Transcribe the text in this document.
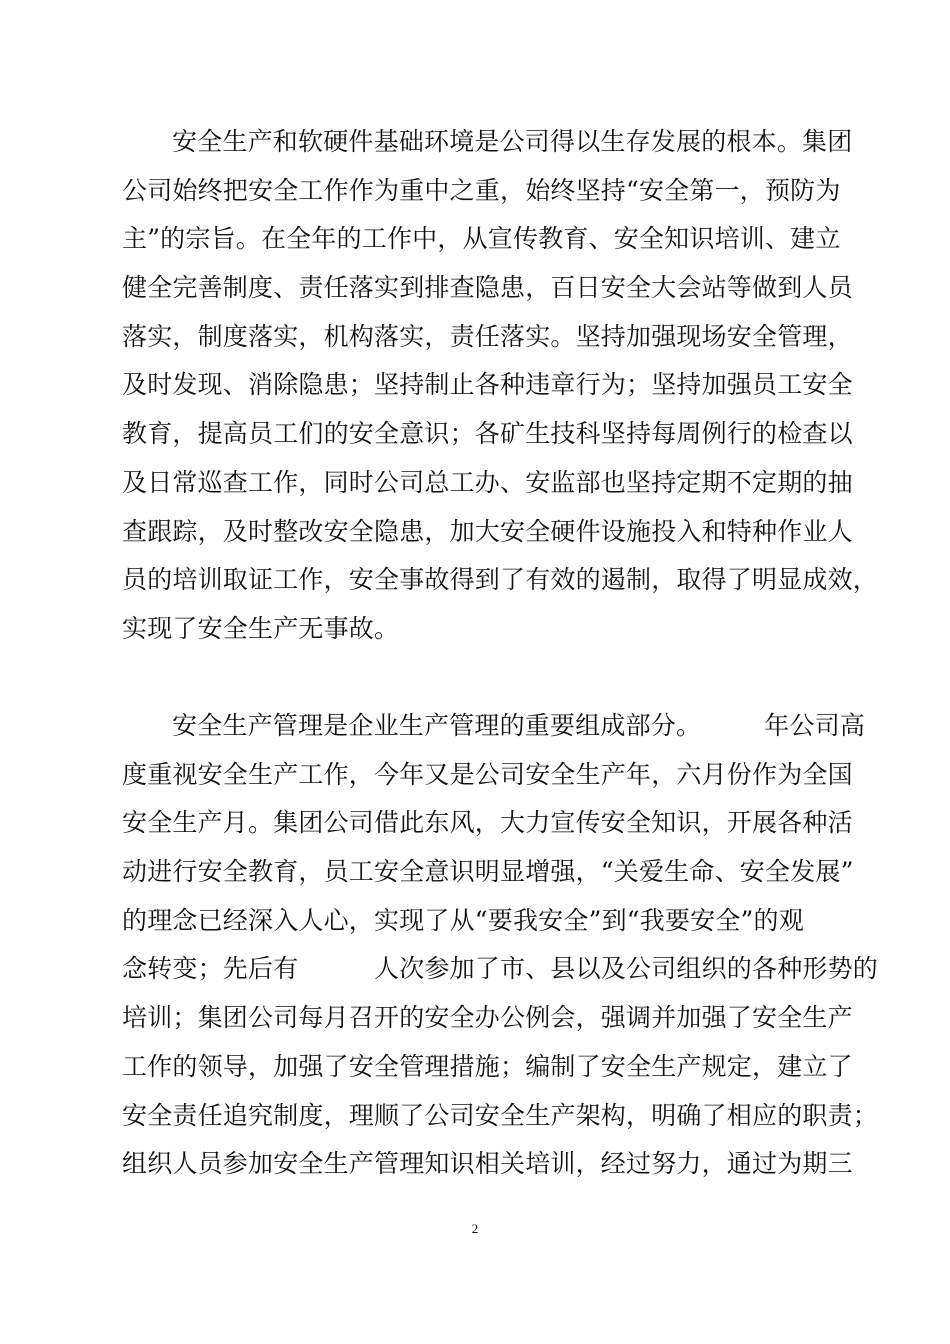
安全生产和软硬件基础环境是公司得以生存发展的根本。集团
公司始终把安全工作作为重中之重，始终坚持“安全第一，预防为
主”的宗旨。在全年的工作中，从宣传教育、安全知识培训、建立
健全完善制度、责任落实到排查隐患，百日安全大会站等做到人员
落实，制度落实，机构落实，责任落实。坚持加强现场安全管理，
及时发现、消除隐患；坚持制止各种违章行为；坚持加强员工安全
教育，提高员工们的安全意识；各矿生技科坚持每周例行的检查以
及日常巡查工作，同时公司总工办、安监部也坚持定期不定期的抽
查跟踪，及时整改安全隐患，加大安全硬件设施投入和特种作业人
员的培训取证工作，安全事故得到了有效的遏制，取得了明显成效，
实现了安全生产无事故。
安全生产管理是企业生产管理的重要组成部分。　　　年公司高
度重视安全生产工作，今年又是公司安全生产年，六月份作为全国
安全生产月。集团公司借此东风，大力宣传安全知识，开展各种活
动进行安全教育，员工安全意识明显增强，“关爱生命、安全发展”
的理念已经深入人心，实现了从“要我安全”到“我要安全”的观
念转变；先后有　　　人次参加了市、县以及公司组织的各种形势的
培训；集团公司每月召开的安全办公例会，强调并加强了安全生产
工作的领导，加强了安全管理措施；编制了安全生产规定，建立了
安全责任追究制度，理顺了公司安全生产架构，明确了相应的职责；
组织人员参加安全生产管理知识相关培训，经过努力，通过为期三
2
